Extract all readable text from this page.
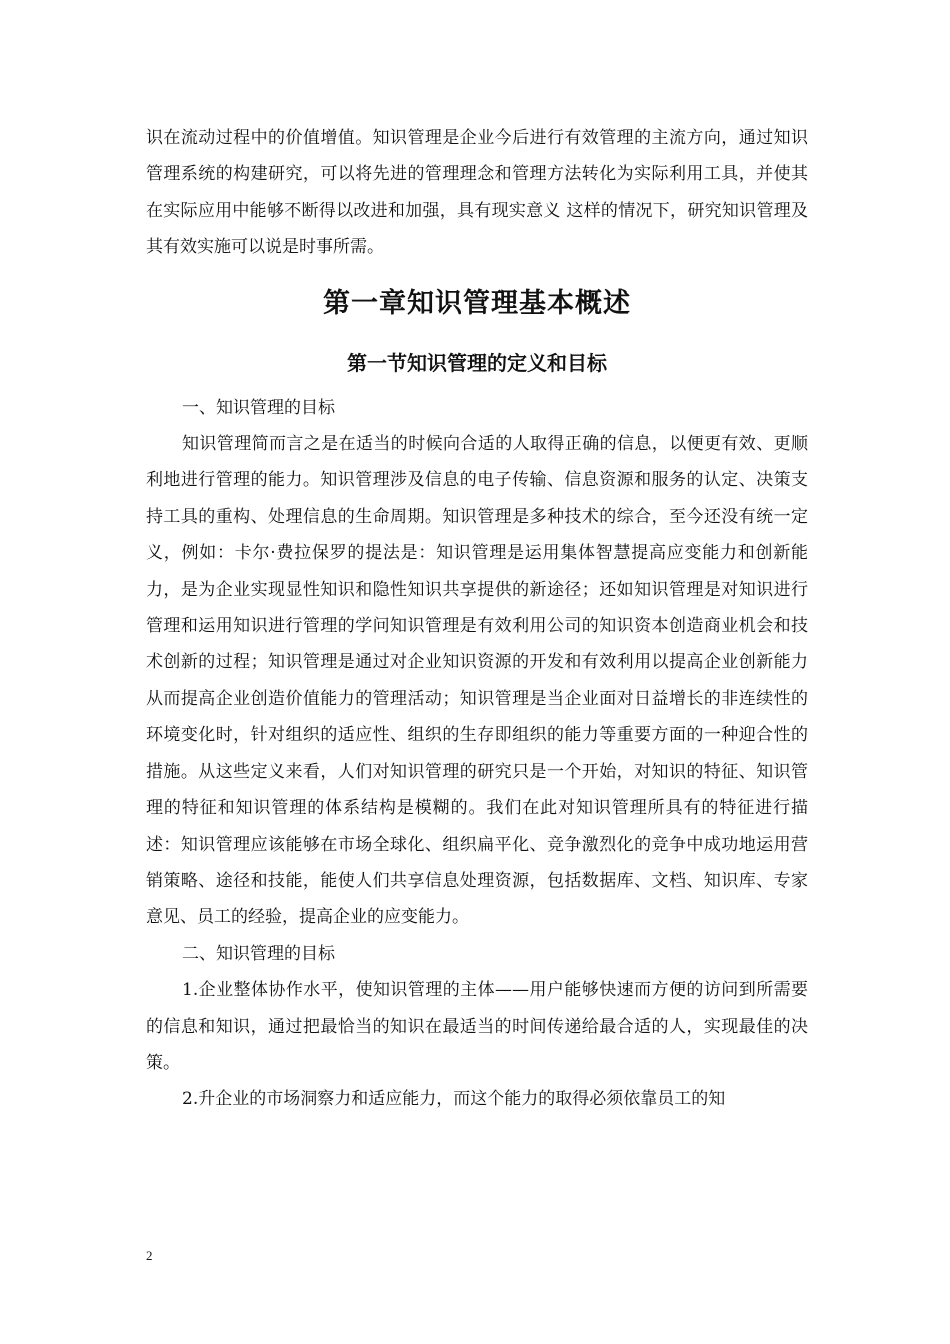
识在流动过程中的价值增值。知识管理是企业今后进行有效管理的主流方向，通过知识管理系统的构建研究，可以将先进的管理理念和管理方法转化为实际利用工具，并使其在实际应用中能够不断得以改进和加强，具有现实意义 这样的情况下，研究知识管理及其有效实施可以说是时事所需。

第一章知识管理基本概述
第一节知识管理的定义和目标

一、知识管理的目标

知识管理简而言之是在适当的时候向合适的人取得正确的信息，以便更有效、更顺利地进行管理的能力。知识管理涉及信息的电子传输、信息资源和服务的认定、决策支持工具的重构、处理信息的生命周期。知识管理是多种技术的综合，至今还没有统一定义，例如：卡尔·费拉保罗的提法是：知识管理是运用集体智慧提高应变能力和创新能力，是为企业实现显性知识和隐性知识共享提供的新途径；还如知识管理是对知识进行管理和运用知识进行管理的学问知识管理是有效利用公司的知识资本创造商业机会和技术创新的过程；知识管理是通过对企业知识资源的开发和有效利用以提高企业创新能力从而提高企业创造价值能力的管理活动；知识管理是当企业面对日益增长的非连续性的环境变化时，针对组织的适应性、组织的生存即组织的能力等重要方面的一种迎合性的措施。从这些定义来看，人们对知识管理的研究只是一个开始，对知识的特征、知识管理的特征和知识管理的体系结构是模糊的。我们在此对知识管理所具有的特征进行描述：知识管理应该能够在市场全球化、组织扁平化、竞争激烈化的竞争中成功地运用营销策略、途径和技能，能使人们共享信息处理资源，包括数据库、文档、知识库、专家意见、员工的经验，提高企业的应变能力。

二、知识管理的目标

1.企业整体协作水平，使知识管理的主体——用户能够快速而方便的访问到所需要的信息和知识，通过把最恰当的知识在最适当的时间传递给最合适的人，实现最佳的决策。

2.升企业的市场洞察力和适应能力，而这个能力的取得必须依靠员工的知

2
